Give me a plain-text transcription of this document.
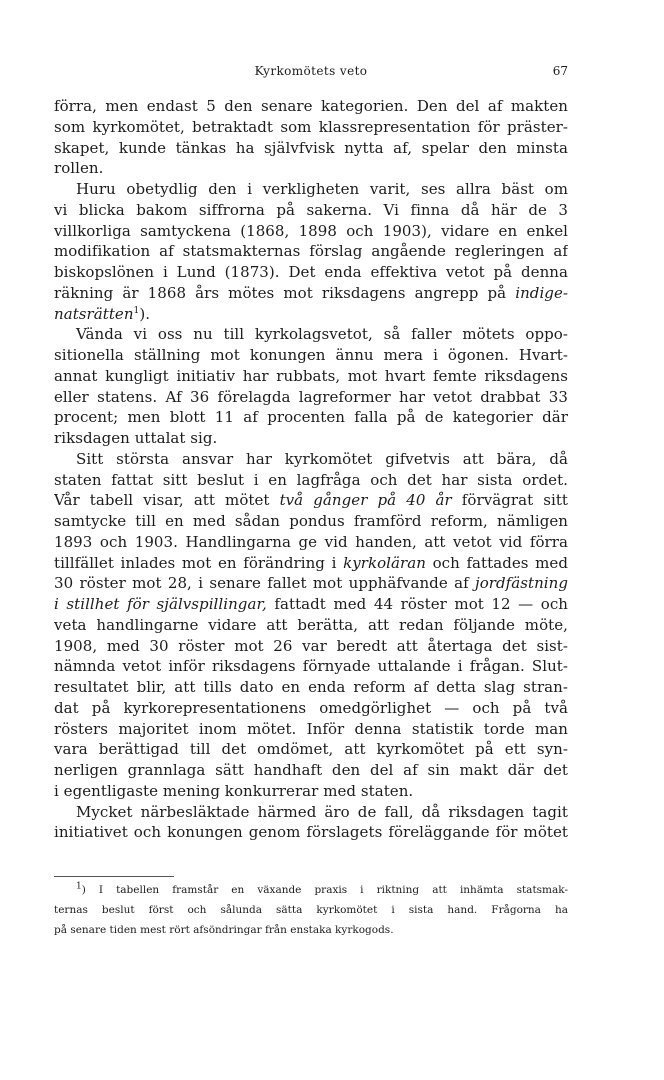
Kyrkomötets veto	67
förra, men endast 5 den senare kategorien. Den del af makten
som kyrkomötet, betraktadt som klassrepresentation för präster-
skapet, kunde tänkas ha självfvisk nytta af, spelar den minsta
rollen.
Huru obetydlig den i verkligheten varit, ses allra bäst om
vi blicka bakom siffrorna på sakerna. Vi finna då här de 3
villkorliga samtyckena (1868, 1898 och 1903), vidare en enkel
modifikation af statsmakternas förslag angående regleringen af
biskopslönen i Lund (1873). Det enda effektiva vetot på denna
räkning är 1868 års mötes mot riksdagens angrepp på indige-
natsrätten$^1$).
Vända vi oss nu till kyrkolagsvetot, så faller mötets oppo-
sitionella ställning mot konungen ännu mera i ögonen. Hvart-
annat kungligt initiativ har rubbats, mot hvart femte riksdagens
eller statens. Af 36 förelagda lagreformer har vetot drabbat 33
procent; men blott 11 af procenten falla på de kategorier där
riksdagen uttalat sig.
Sitt största ansvar har kyrkomötet gifvetvis att bära, då
staten fattat sitt beslut i en lagfråga och det har sista ordet.
Vår tabell visar, att mötet två gånger på 40 år förvägrat sitt
samtycke till en med sådan pondus framförd reform, nämligen
1893 och 1903. Handlingarna ge vid handen, att vetot vid förra
tillfället inlades mot en förändring i kyrkoläran och fattades med
30 röster mot 28, i senare fallet mot upphäfvande af jordfästning
i stillhet för självspillingar, fattadt med 44 röster mot 12 — och
veta handlingarne vidare att berätta, att redan följande möte,
1908, med 30 röster mot 26 var beredt att återtaga det sist-
nämnda vetot inför riksdagens förnyade uttalande i frågan. Slut-
resultatet blir, att tills dato en enda reform af detta slag stran-
dat på kyrkorepresentationens omedgörlighet — och på två
rösters majoritet inom mötet. Inför denna statistik torde man
vara berättigad till det omdömet, att kyrkomötet på ett syn-
nerligen grannlaga sätt handhaft den del af sin makt där det
i egentligaste mening konkurrerar med staten.
Mycket närbesläktade härmed äro de fall, då riksdagen tagit
initiativet och konungen genom förslagets föreläggande för mötet
$^1$) I tabellen framstår en växande praxis i riktning att inhämta statsmak-
ternas beslut först och sålunda sätta kyrkomötet i sista hand. Frågorna ha
på senare tiden mest rört afsöndringar från enstaka kyrkogods.
